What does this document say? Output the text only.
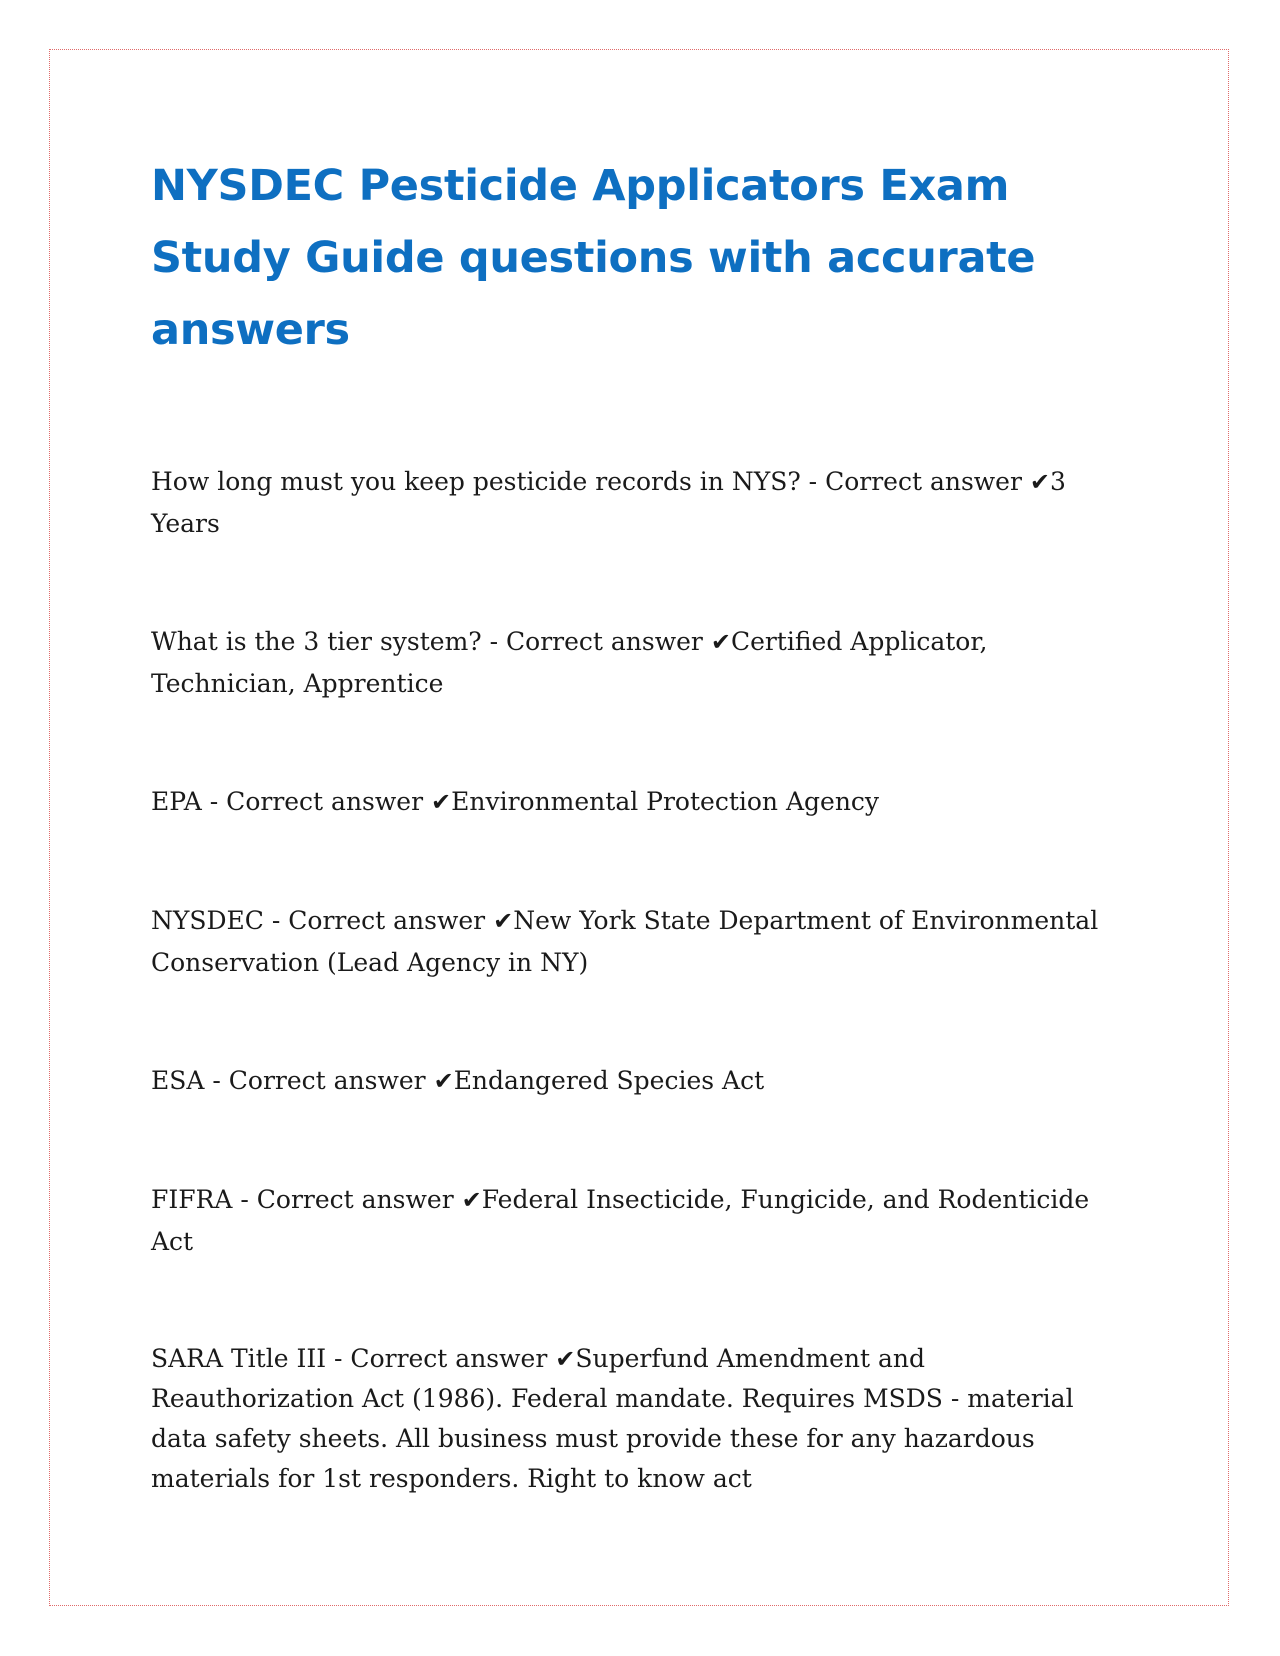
NYSDEC Pesticide Applicators Exam Study Guide questions with accurate answers
How long must you keep pesticide records in NYS? - Correct answer ✔3 Years
What is the 3 tier system? - Correct answer ✔Certified Applicator, Technician, Apprentice
EPA - Correct answer ✔Environmental Protection Agency
NYSDEC - Correct answer ✔New York State Department of Environmental Conservation (Lead Agency in NY)
ESA - Correct answer ✔Endangered Species Act
FIFRA - Correct answer ✔Federal Insecticide, Fungicide, and Rodenticide Act
SARA Title III - Correct answer ✔Superfund Amendment and Reauthorization Act (1986). Federal mandate. Requires MSDS - material data safety sheets. All business must provide these for any hazardous materials for 1st responders. Right to know act
